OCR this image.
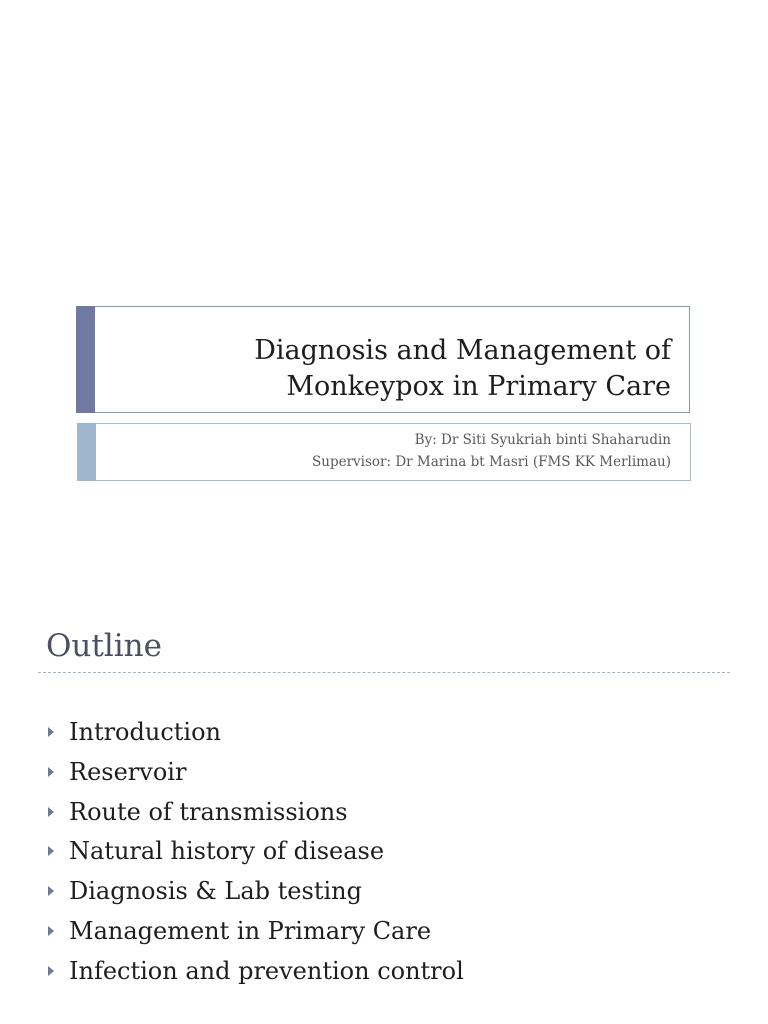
Diagnosis and Management of
Monkeypox in Primary Care
By: Dr Siti Syukriah binti Shaharudin
Supervisor: Dr Marina bt Masri (FMS KK Merlimau)
Outline
Introduction
Reservoir
Route of transmissions
Natural history of disease
Diagnosis & Lab testing
Management in Primary Care
Infection and prevention control
